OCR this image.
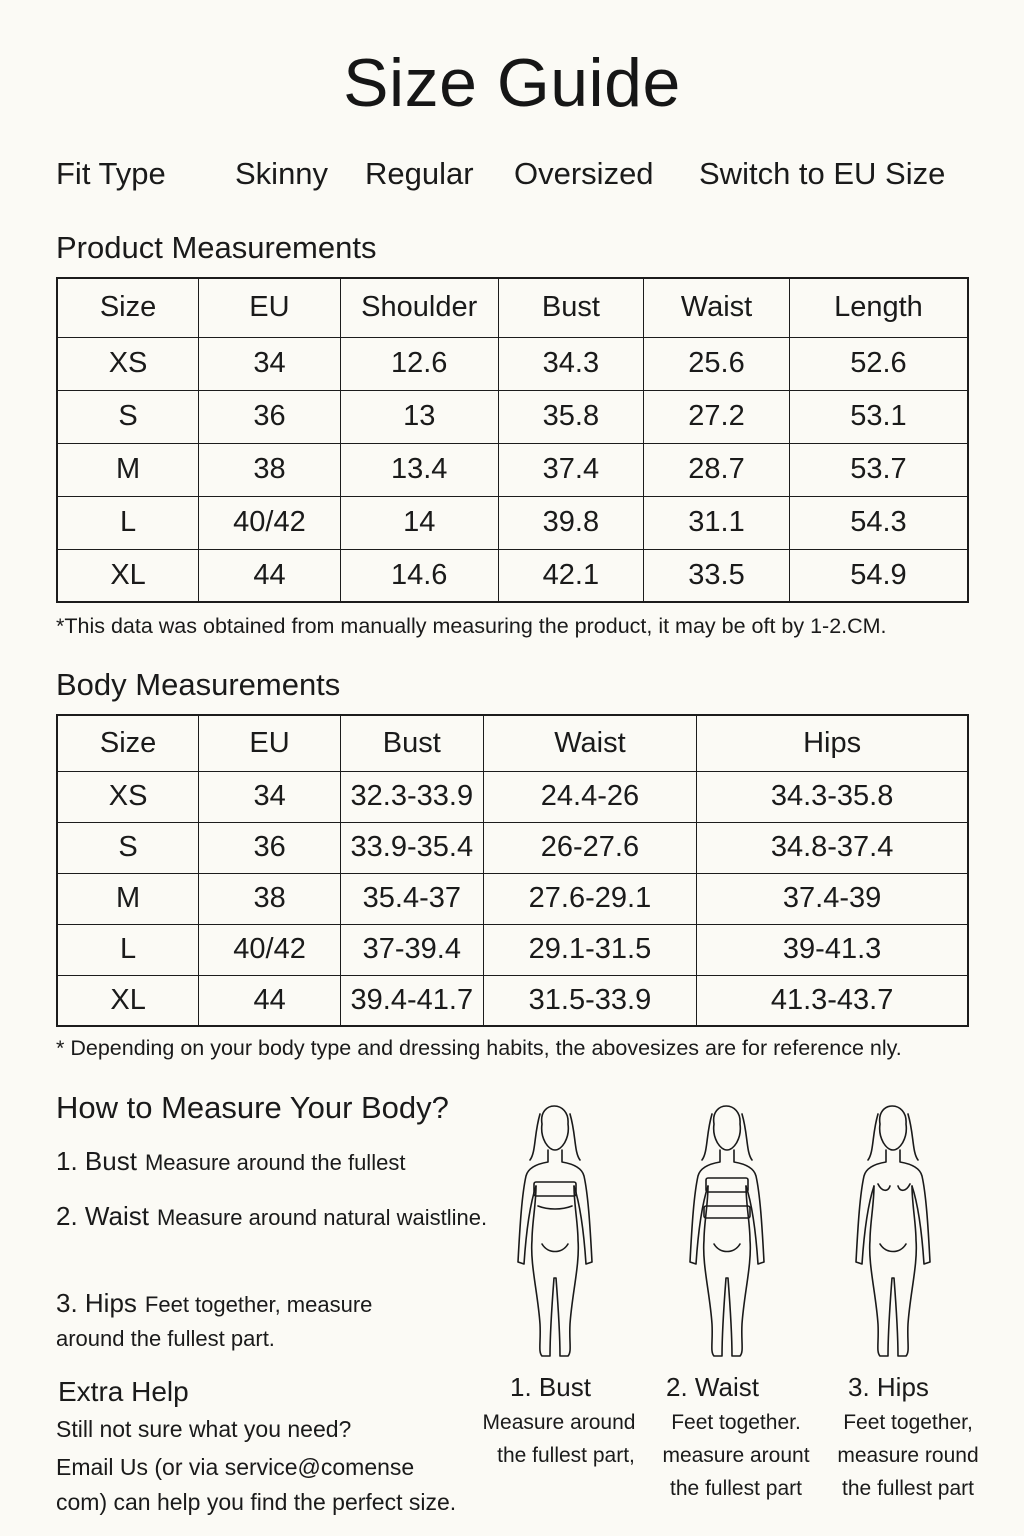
Size Guide
Fit Type Skinny Regular Oversized Switch to EU Size
Product Measurements
Size	EU	Shoulder	Bust	Waist	Length
XS	34	12.6	34.3	25.6	52.6
S	36	13	35.8	27.2	53.1
M	38	13.4	37.4	28.7	53.7
L	40/42	14	39.8	31.1	54.3
XL	44	14.6	42.1	33.5	54.9
*This data was obtained from manually measuring the product, it may be oft by 1-2.CM.
Body Measurements
Size	EU	Bust	Waist	Hips
XS	34	32.3-33.9	24.4-26	34.3-35.8
S	36	33.9-35.4	26-27.6	34.8-37.4
M	38	35.4-37	27.6-29.1	37.4-39
L	40/42	37-39.4	29.1-31.5	39-41.3
XL	44	39.4-41.7	31.5-33.9	41.3-43.7
* Depending on your body type and dressing habits, the abovesizes are for reference nly.
How to Measure Your Body?
1. Bust Measure around the fullest
2. Waist Measure around natural waistline.
3. Hips Feet together, measure around the fullest part.
Extra Help
Still not sure what you need?
Email Us (or via service@comense
com) can help you find the perfect size.
1. Bust	2. Waist	3. Hips
Measure around
the fullest part,
Feet together.
measure arount
the fullest part
Feet together,
measure round
the fullest part
